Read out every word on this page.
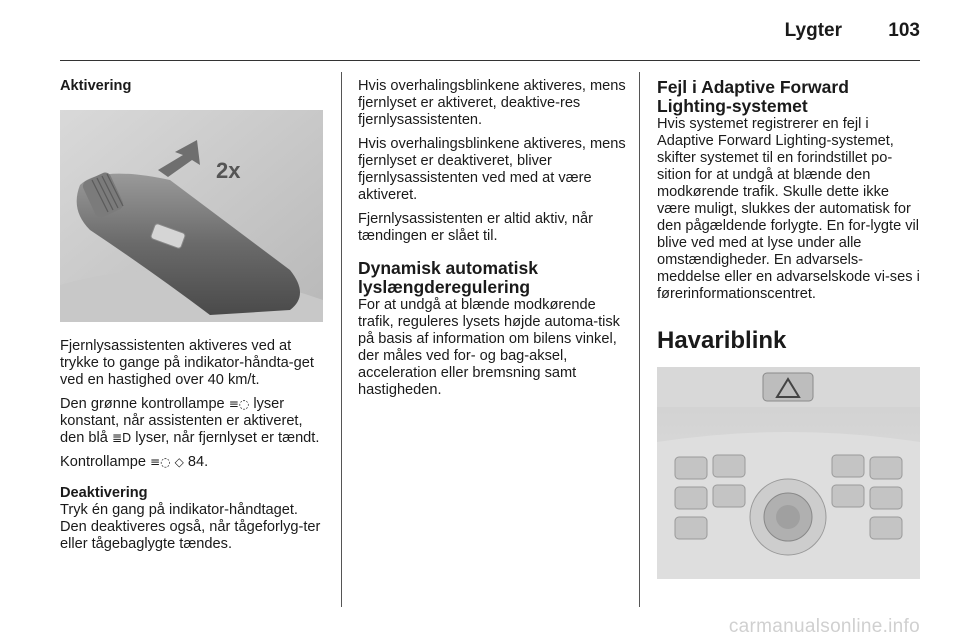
Lygter 103
Aktivering
2x

Fjernlysassistenten aktiveres ved at trykke to gange på indikator-håndta-get ved en hastighed over 40 km/t.

Den grønne kontrollampe ≡◌ lyser konstant, når assistenten er aktiveret, den blå ≣D lyser, når fjernlyset er tændt.

Kontrollampe ≡◌ ◇ 84.

Deaktivering

Tryk én gang på indikator-håndtaget. Den deaktiveres også, når tågeforlyg-ter eller tågebaglygte tændes.

Hvis overhalingsblinkene aktiveres, mens fjernlyset er aktiveret, deaktive-res fjernlysassistenten.

Hvis overhalingsblinkene aktiveres, mens fjernlyset er deaktiveret, bliver fjernlysassistenten ved med at være aktiveret.

Fjernlysassistenten er altid aktiv, når tændingen er slået til.

Dynamisk automatisk lyslængderegulering

For at undgå at blænde modkørende trafik, reguleres lysets højde automa-tisk på basis af information om bilens vinkel, der måles ved for- og bag-aksel, acceleration eller bremsning samt hastigheden.

Fejl i Adaptive Forward Lighting-systemet

Hvis systemet registrerer en fejl i Adaptive Forward Lighting-systemet, skifter systemet til en forindstillet po-sition for at undgå at blænde den modkørende trafik. Skulle dette ikke være muligt, slukkes der automatisk for den pågældende forlygte. En for-lygte vil blive ved med at lyse under alle omstændigheder. En advarsels-meddelse eller en advarselskode vi-ses i førerinformationscentret.

Havariblink
carmanualsonline.info
